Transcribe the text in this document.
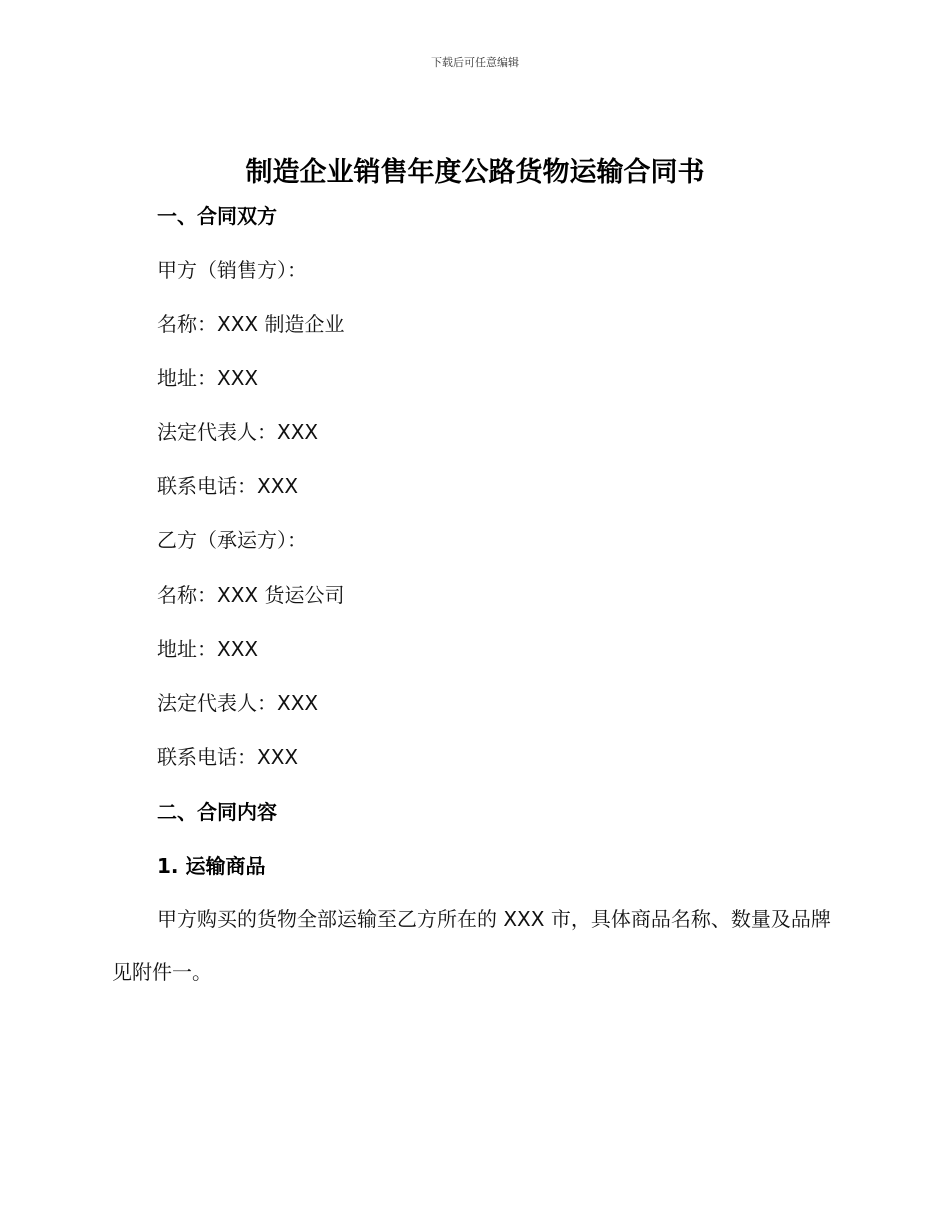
下载后可任意编辑
制造企业销售年度公路货物运输合同书
一、合同双方
甲方（销售方）：
名称：XXX 制造企业
地址：XXX
法定代表人：XXX
联系电话：XXX
乙方（承运方）：
名称：XXX 货运公司
地址：XXX
法定代表人：XXX
联系电话：XXX
二、合同内容
1. 运输商品
甲方购买的货物全部运输至乙方所在的 XXX 市，具体商品名称、数量及品牌见附件一。
